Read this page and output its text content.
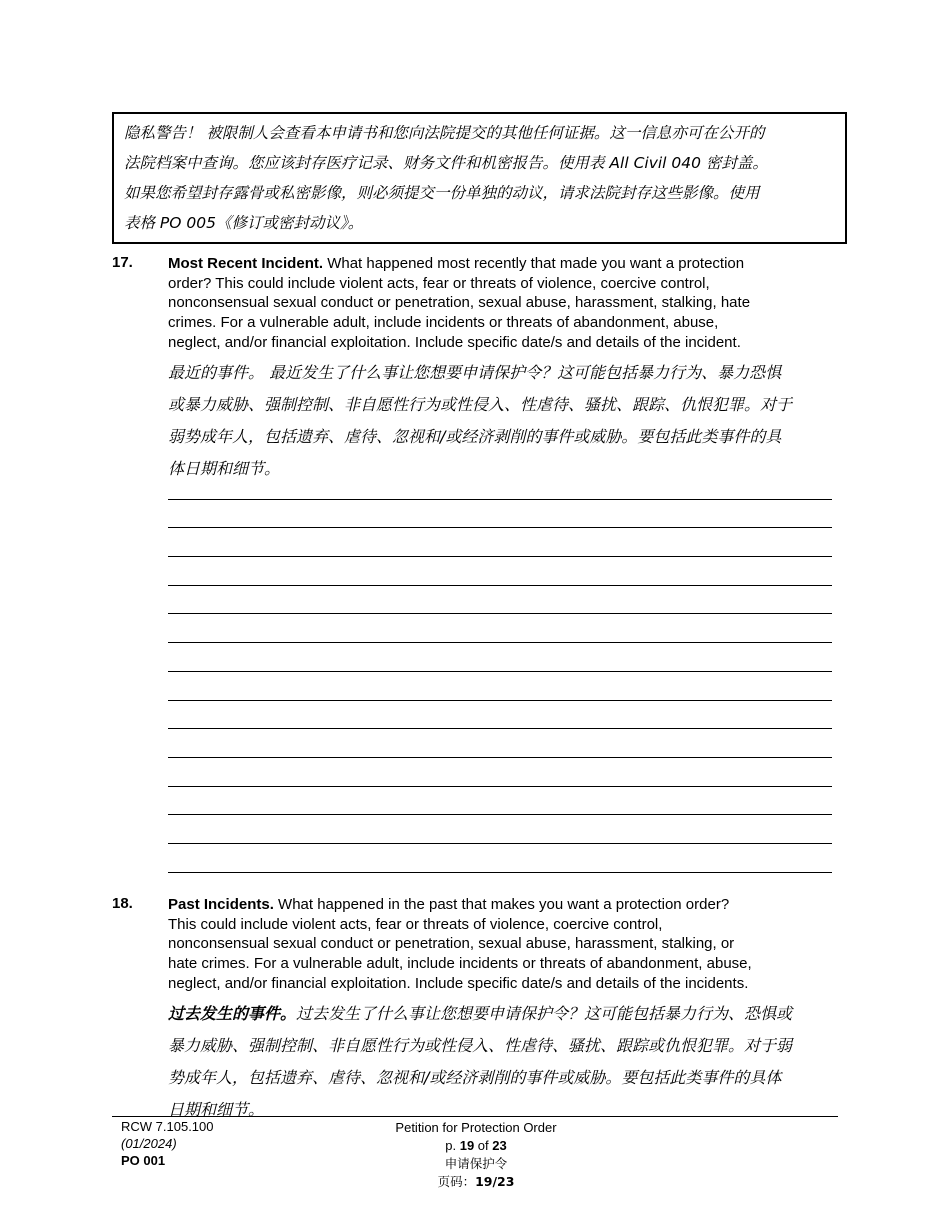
隐私警告！ 被限制人会查看本申请书和您向法院提交的其他任何证据。这一信息亦可在公开的

法院档案中查询。您应该封存医疗记录、财务文件和机密报告。使用表 All Civil 040 密封盖。

如果您希望封存露骨或私密影像，则必须提交一份单独的动议，请求法院封存这些影像。使用

表格 PO 005《修订或密封动议》。

17. Most Recent Incident. What happened most recently that made you want a protection
order? This could include violent acts, fear or threats of violence, coercive control,
nonconsensual sexual conduct or penetration, sexual abuse, harassment, stalking, hate
crimes. For a vulnerable adult, include incidents or threats of abandonment, abuse,
neglect, and/or financial exploitation. Include specific date/s and details of the incident.

最近的事件。 最近发生了什么事让您想要申请保护令？这可能包括暴力行为、暴力恐惧
或暴力威胁、强制控制、非自愿性行为或性侵入、性虐待、骚扰、跟踪、仇恨犯罪。对于
弱势成年人，包括遗弃、虐待、忽视和/或经济剥削的事件或威胁。要包括此类事件的具
体日期和细节。

18. Past Incidents. What happened in the past that makes you want a protection order?
This could include violent acts, fear or threats of violence, coercive control,
nonconsensual sexual conduct or penetration, sexual abuse, harassment, stalking, or
hate crimes. For a vulnerable adult, include incidents or threats of abandonment, abuse,
neglect, and/or financial exploitation. Include specific date/s and details of the incidents.

过去发生的事件。过去发生了什么事让您想要申请保护令？这可能包括暴力行为、恐惧或
暴力威胁、强制控制、非自愿性行为或性侵入、性虐待、骚扰、跟踪或仇恨犯罪。对于弱
势成年人，包括遗弃、虐待、忽视和/或经济剥削的事件或威胁。要包括此类事件的具体
日期和细节。

RCW 7.105.100
(01/2024)
PO 001
Petition for Protection Order
p. 19 of 23
申请保护令
页码：19/23
